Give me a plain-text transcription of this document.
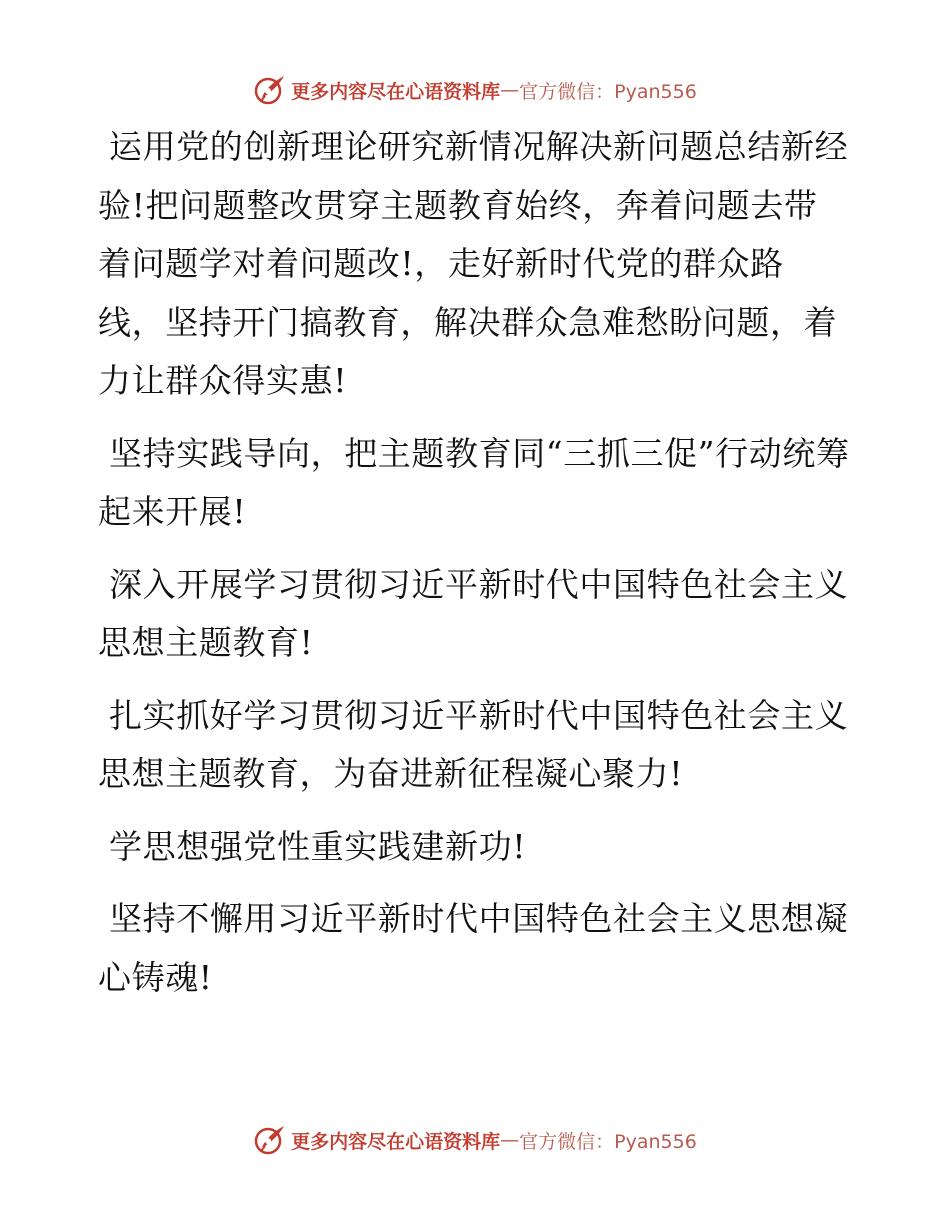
更多内容尽在心语资料库 — 官方微信：Pyan556

运用党的创新理论研究新情况解决新问题总结新经验!把问题整改贯穿主题教育始终，奔着问题去带着问题学对着问题改!，走好新时代党的群众路线，坚持开门搞教育，解决群众急难愁盼问题，着力让群众得实惠!

坚持实践导向，把主题教育同“三抓三促”行动统筹起来开展!

深入开展学习贯彻习近平新时代中国特色社会主义思想主题教育!

扎实抓好学习贯彻习近平新时代中国特色社会主义思想主题教育，为奋进新征程凝心聚力!

学思想强党性重实践建新功!

坚持不懈用习近平新时代中国特色社会主义思想凝心铸魂!

更多内容尽在心语资料库 — 官方微信：Pyan556
